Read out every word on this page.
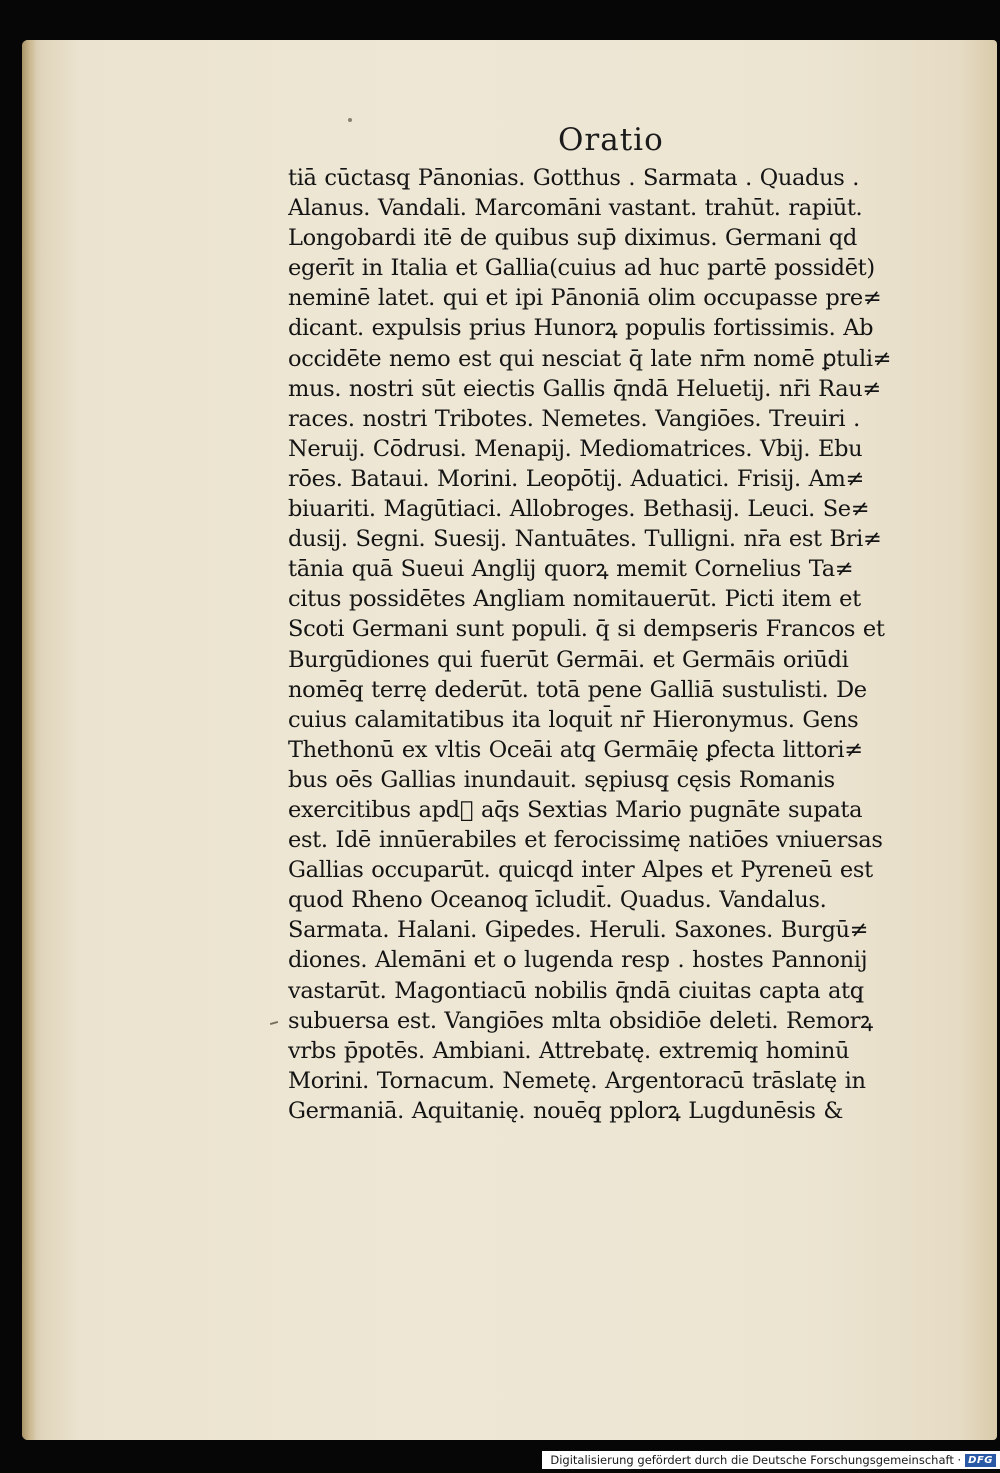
Oratio
tiā cūctasq̧ Pānonias. Gotthus . Sarmata . Quadus .
Alanus. Vandali. Marcomāni vastant. trahūt. rapiūt.
Longobardi itē de quibus sup̄ diximus. Germani qd
egerīt in Italia et Gallia(cuius ad huc partē possidēt)
neminē latet. qui et ipi Pānoniā olim occupasse pre≠
dicant. expulsis prius Hunorꝝ populis fortissimis. Ab
occidēte nemo est qui nesciat q̄ late nr̄m nomē ꝑtuli≠
mus. nostri sūt eiectis Gallis q̄ndā Heluetij. nr̄i Rau≠
races. nostri Tribotes. Nemetes. Vangiōes. Treuiri .
Neruij. Cōdrusi. Menapij. Mediomatrices. Vbij. Ebu
rōes. Bataui. Morini. Leopōtij. Aduatici. Frisij. Am≠
biuariti. Magūtiaci. Allobroges. Bethasij. Leuci. Se≠
dusij. Segni. Suesij. Nantuātes. Tulligni. nr̄a est Bri≠
tānia quā Sueui Anglij quorꝝ memit Cornelius Ta≠
citus possidētes Angliam nomitauerūt. Picti item et
Scoti Germani sunt populi. q̄ si dempseris Francos et
Burgūdiones qui fuerūt Germāi. et Germāis oriūdi
nomēq̧ terrę dederūt. totā pene Galliā sustulisti. De
cuius calamitatibus ita loquit̄ nr̄ Hieronymus. Gens
Thethonū ex vltis Oceāi atq̧ Germāię ꝑfecta littori≠
bus oēs Gallias inundauit. sępiusq̧ cęsis Romanis
exercitibus apd᷒ aq̄s Sextias Mario pugnāte supata
est. Idē innūerabiles et ferocissimę natiōes vniuersas
Gallias occuparūt. quicqd inter Alpes et Pyreneū est
quod Rheno Oceanoq̧ īcludit̄. Quadus. Vandalus.
Sarmata. Halani. Gipedes. Heruli. Saxones. Burgū≠
diones. Alemāni et o lugenda resp . hostes Pannonij
vastarūt. Magontiacū nobilis q̄ndā ciuitas capta atq̧
subuersa est. Vangiōes mlta obsidiōe deleti. Remorꝝ
vrbs p̄potēs. Ambiani. Attrebatę. extremiq̧ hominū
Morini. Tornacum. Nemetę. Argentoracū trāslatę in
Germaniā. Aquitanię. nouēq̧ pplorꝝ Lugdunēsis &
Digitalisierung gefördert durch die Deutsche Forschungsgemeinschaft · DFG
